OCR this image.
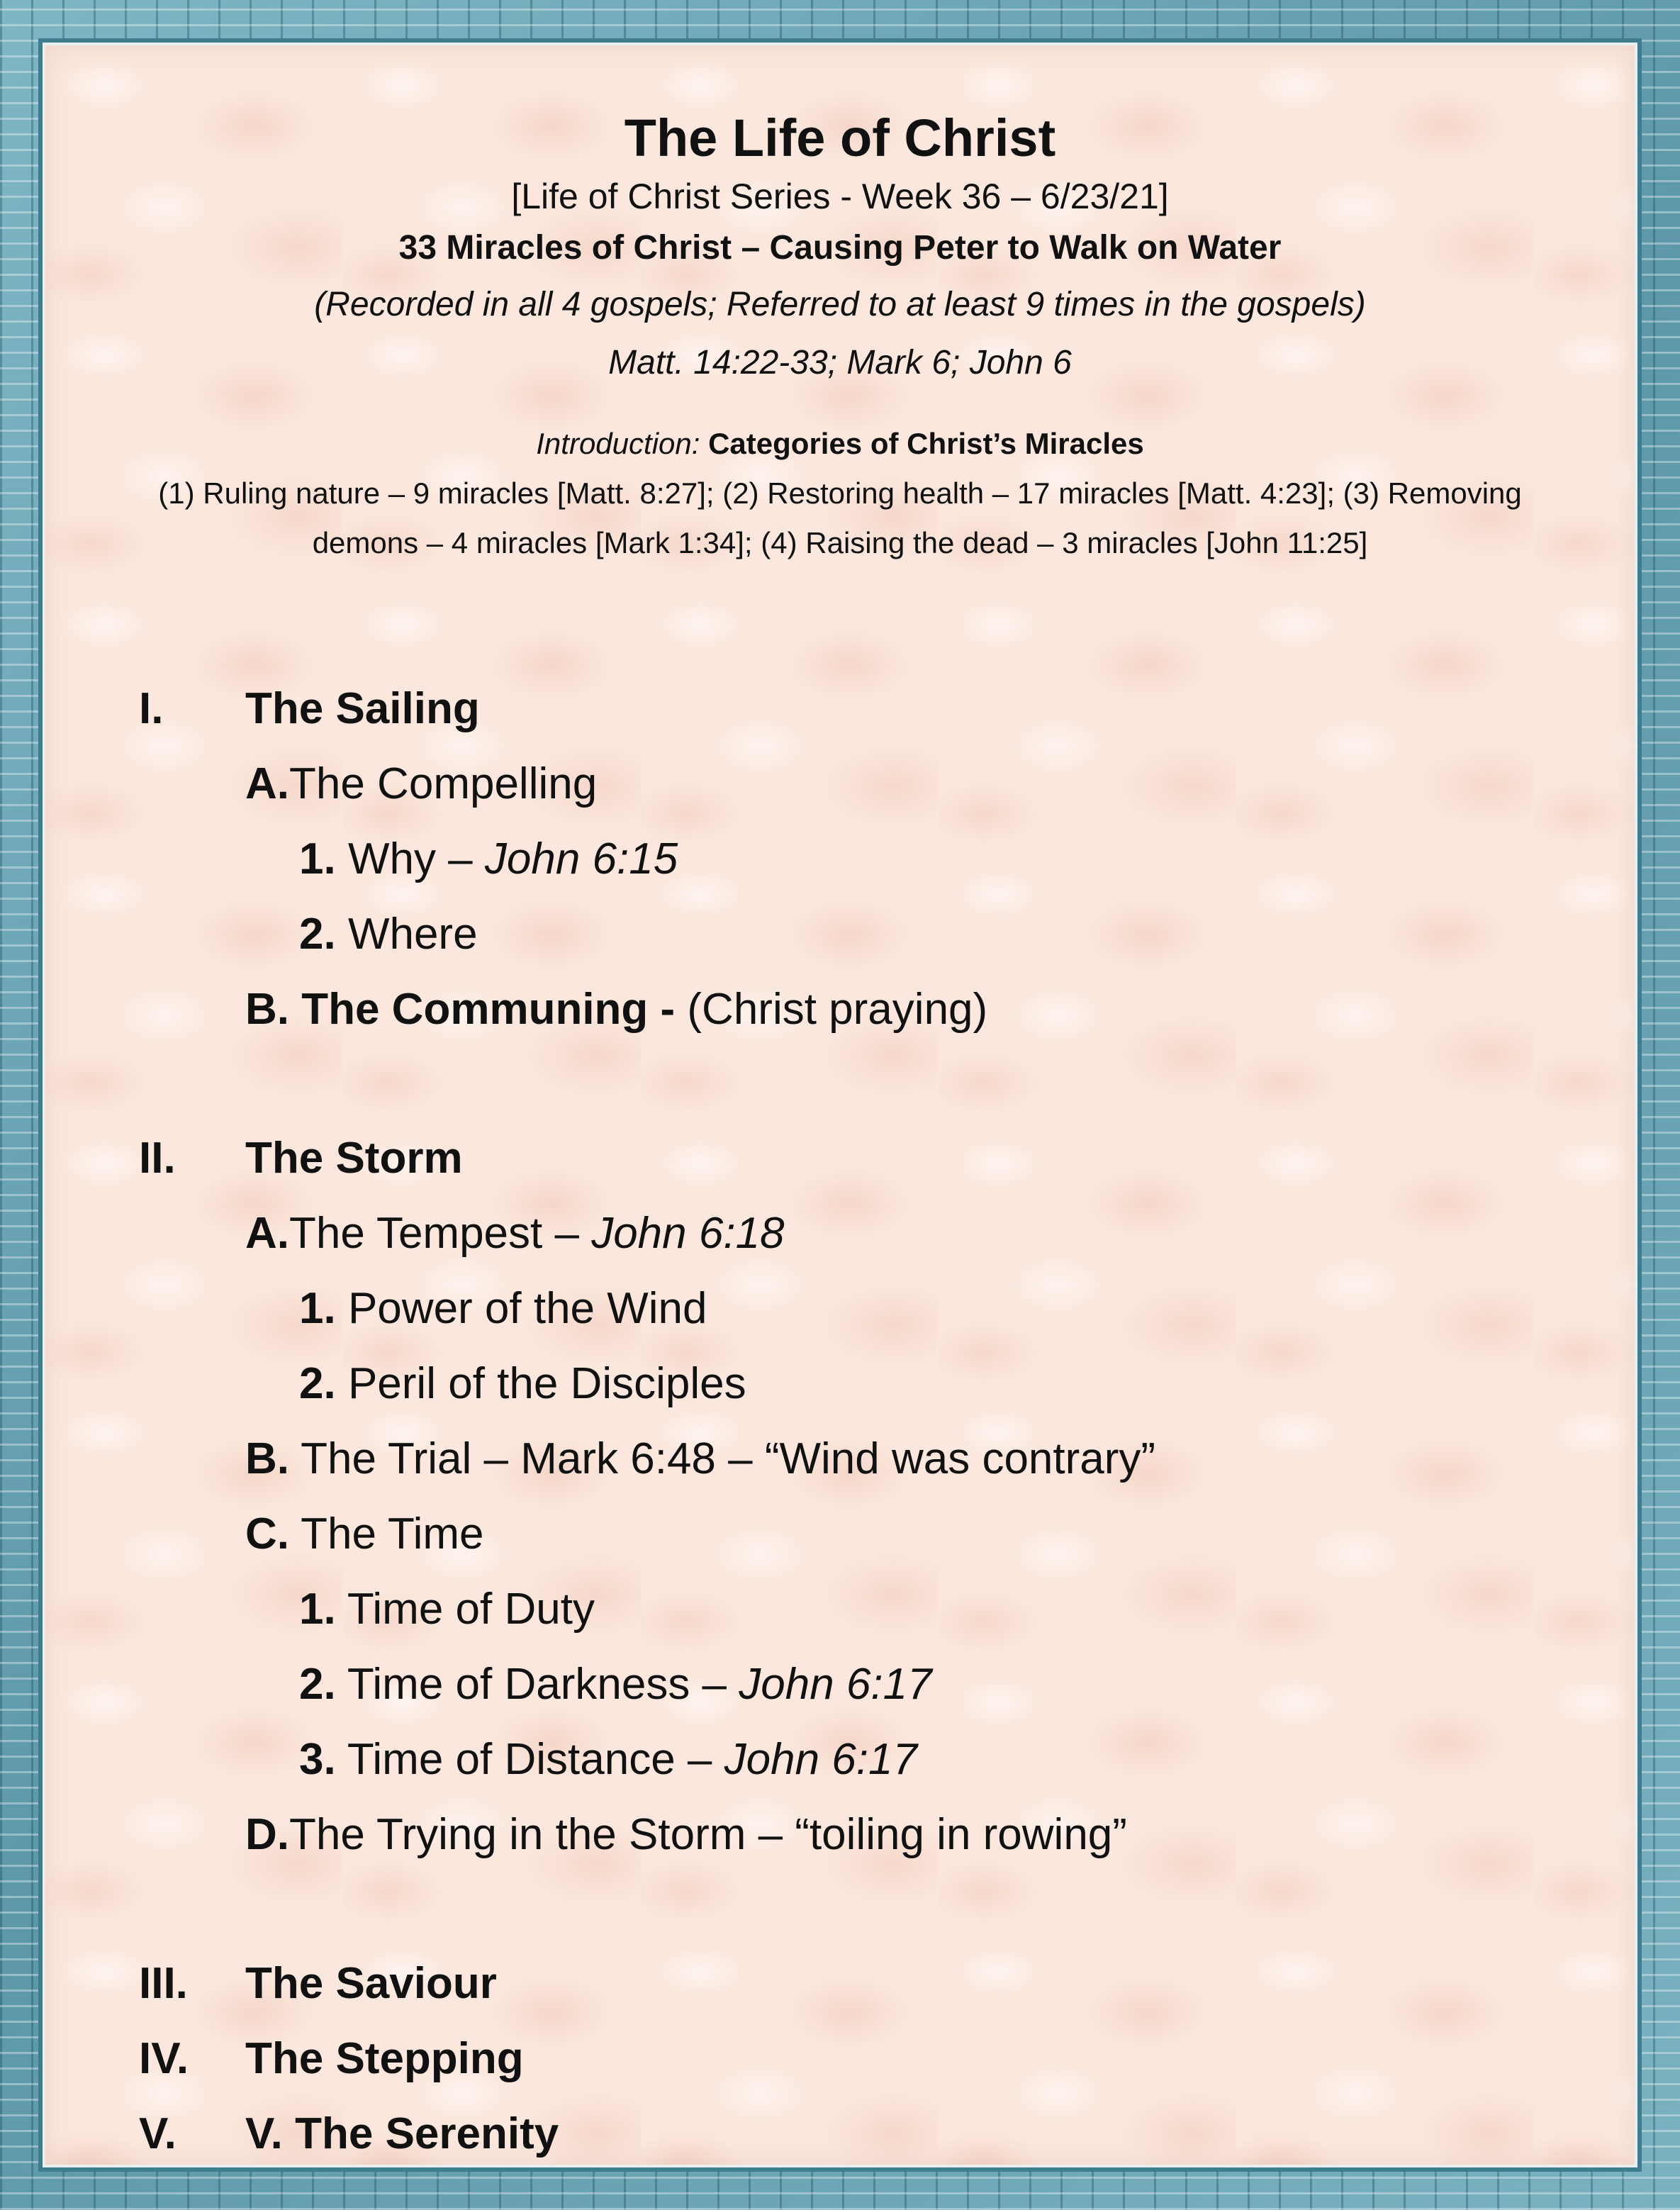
The Life of Christ
[Life of Christ Series - Week 36 – 6/23/21]
33 Miracles of Christ – Causing Peter to Walk on Water
(Recorded in all 4 gospels; Referred to at least 9 times in the gospels)
Matt. 14:22-33; Mark 6; John 6
Introduction: Categories of Christ’s Miracles
(1) Ruling nature – 9 miracles [Matt. 8:27]; (2) Restoring health – 17 miracles [Matt. 4:23]; (3) Removing
demons – 4 miracles [Mark 1:34]; (4) Raising the dead – 3 miracles [John 11:25]
I. The Sailing
A.The Compelling
1. Why – John 6:15
2. Where
B. The Communing - (Christ praying)
II. The Storm
A.The Tempest – John 6:18
1. Power of the Wind
2. Peril of the Disciples
B. The Trial – Mark 6:48 – “Wind was contrary”
C. The Time
1. Time of Duty
2. Time of Darkness – John 6:17
3. Time of Distance – John 6:17
D.The Trying in the Storm – “toiling in rowing”
III. The Saviour
IV. The Stepping
V. V. The Serenity
